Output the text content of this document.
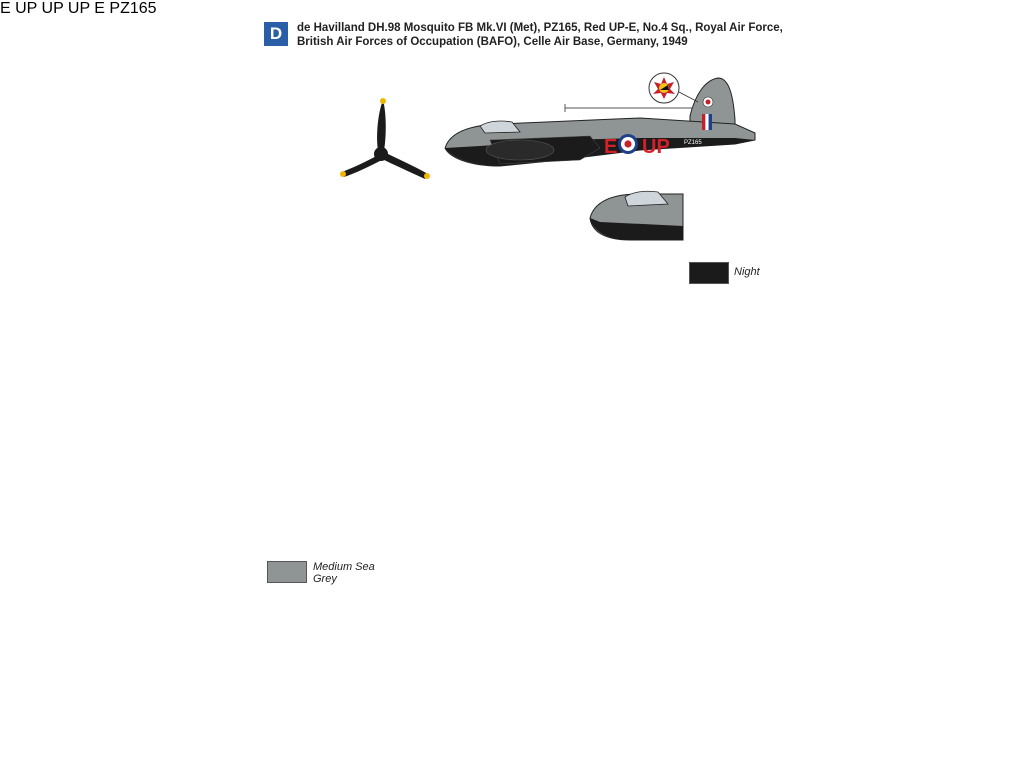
D	de Havilland DH.98 Mosquito FB Mk.VI (Met), PZ165, Red UP-E, No.4 Sq., Royal Air Force,
British Air Forces of Occupation (BAFO), Celle Air Base, Germany, 1949
E UP PZ165
E UP UP UP E PZ165
Night
Medium Sea Grey
